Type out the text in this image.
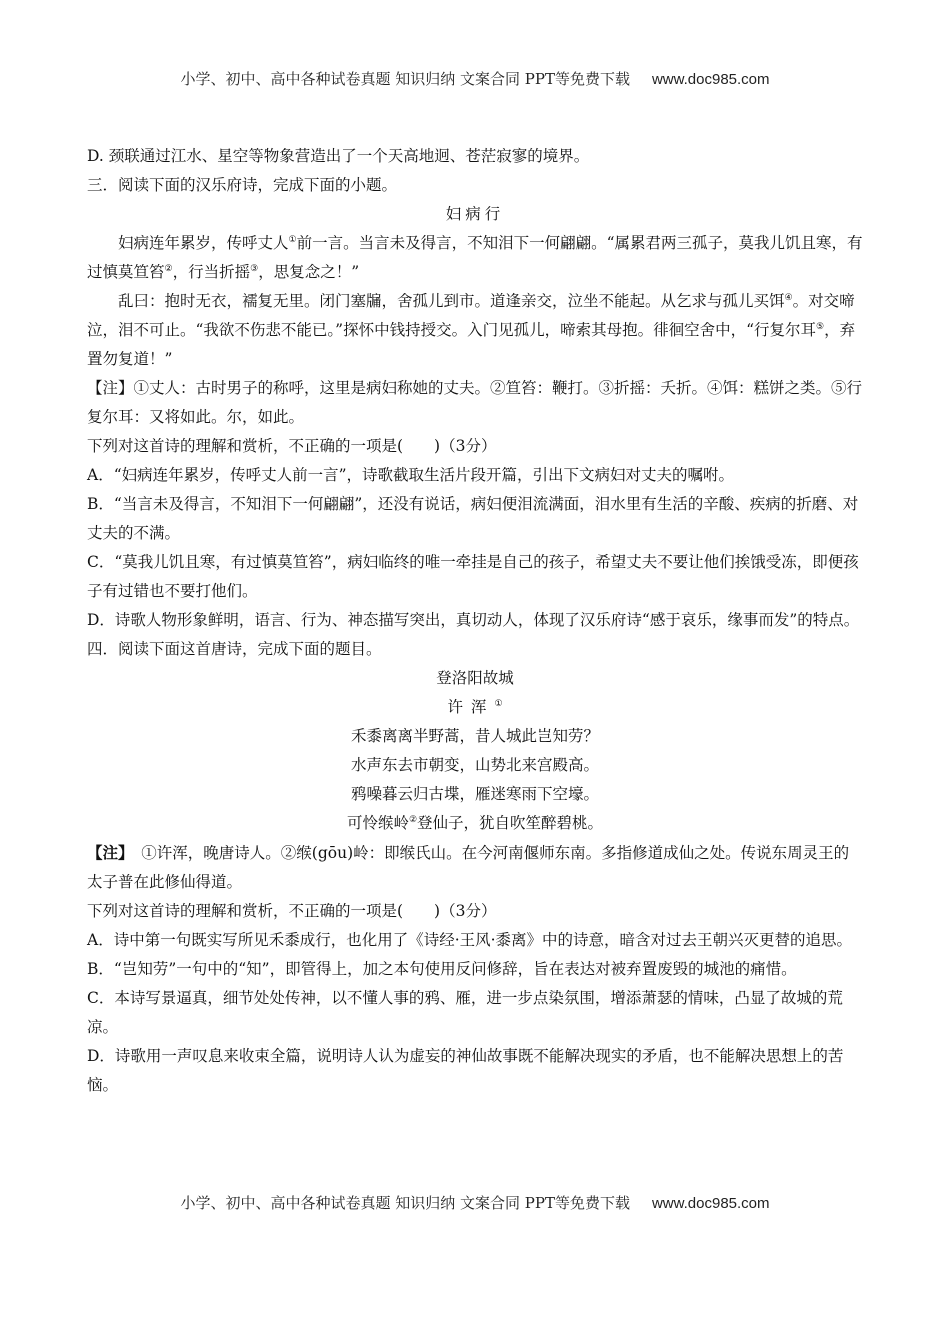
小学、初中、高中各种试卷真题 知识归纳 文案合同 PPT等免费下载 www.doc985.com

D. 颈联通过江水、星空等物象营造出了一个天高地迥、苍茫寂寥的境界。

三．阅读下面的汉乐府诗，完成下面的小题。

妇病行

妇病连年累岁，传呼丈人①前一言。当言未及得言，不知泪下一何翩翩。“属累君两三孤子，莫我儿饥且寒，有过慎莫笪笞②，行当折摇③，思复念之！”

乱曰：抱时无衣，襦复无里。闭门塞牖，舍孤儿到市。道逢亲交，泣坐不能起。从乞求与孤儿买饵④。对交啼泣，泪不可止。“我欲不伤悲不能已。”探怀中钱持授交。入门见孤儿，啼索其母抱。徘徊空舍中，“行复尔耳⑤，弃置勿复道！”

【注】①丈人：古时男子的称呼，这里是病妇称她的丈夫。②笪笞：鞭打。③折摇：夭折。④饵：糕饼之类。⑤行复尔耳：又将如此。尔，如此。

下列对这首诗的理解和赏析，不正确的一项是(　　)（3分）

A．“妇病连年累岁，传呼丈人前一言”，诗歌截取生活片段开篇，引出下文病妇对丈夫的嘱咐。

B．“当言未及得言，不知泪下一何翩翩”，还没有说话，病妇便泪流满面，泪水里有生活的辛酸、疾病的折磨、对丈夫的不满。

C．“莫我儿饥且寒，有过慎莫笪笞”，病妇临终的唯一牵挂是自己的孩子，希望丈夫不要让他们挨饿受冻，即便孩子有过错也不要打他们。

D．诗歌人物形象鲜明，语言、行为、神态描写突出，真切动人，体现了汉乐府诗“感于哀乐，缘事而发”的特点。

四．阅读下面这首唐诗，完成下面的题目。

登洛阳故城

许浑①

禾黍离离半野蒿，昔人城此岂知劳？

水声东去市朝变，山势北来宫殿高。

鸦噪暮云归古堞，雁迷寒雨下空壕。

可怜缑岭②登仙子，犹自吹笙醉碧桃。

【注】　 ①许浑，晚唐诗人。②缑(gōu)岭：即缑氏山。在今河南偃师东南。多指修道成仙之处。传说东周灵王的太子普在此修仙得道。

下列对这首诗的理解和赏析，不正确的一项是(　　)（3分）

A．诗中第一句既实写所见禾黍成行，也化用了《诗经·王风·黍离》中的诗意，暗含对过去王朝兴灭更替的追思。

B．“岂知劳”一句中的“知”，即管得上，加之本句使用反问修辞，旨在表达对被弃置废毁的城池的痛惜。

C．本诗写景逼真，细节处处传神，以不懂人事的鸦、雁，进一步点染氛围，增添萧瑟的情味，凸显了故城的荒凉。

D．诗歌用一声叹息来收束全篇，说明诗人认为虚妄的神仙故事既不能解决现实的矛盾，也不能解决思想上的苦恼。

小学、初中、高中各种试卷真题 知识归纳 文案合同 PPT等免费下载 www.doc985.com
